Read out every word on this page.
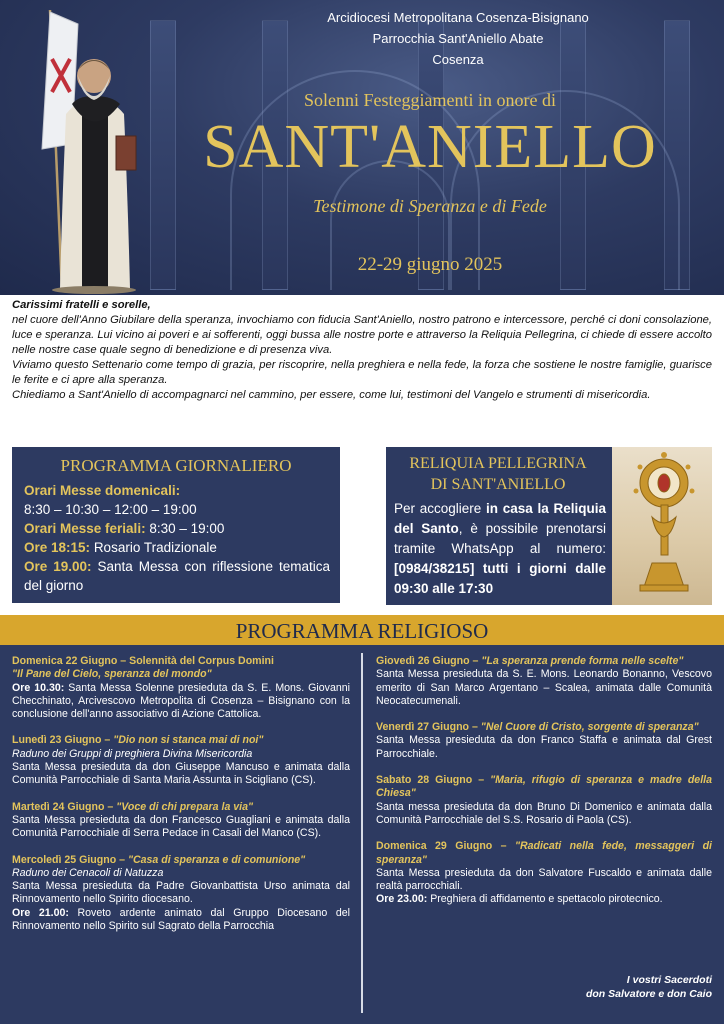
Arcidiocesi Metropolitana Cosenza-Bisignano
Parrocchia Sant'Aniello Abate
Cosenza
Solenni Festeggiamenti in onore di
SANT'ANIELLO
Testimone di Speranza e di Fede
22-29 giugno 2025

Carissimi fratelli e sorelle,

nel cuore dell'Anno Giubilare della speranza, invochiamo con fiducia Sant'Aniello, nostro patrono e intercessore, perché ci doni consolazione, luce e speranza. Lui vicino ai poveri e ai sofferenti, oggi bussa alle nostre porte e attraverso la Reliquia Pellegrina, ci chiede di essere accolto nelle nostre case quale segno di benedizione e di presenza viva.

Viviamo questo Settenario come tempo di grazia, per riscoprire, nella preghiera e nella fede, la forza che sostiene le nostre famiglie, guarisce le ferite e ci apre alla speranza.

Chiediamo a Sant'Aniello di accompagnarci nel cammino, per essere, come lui, testimoni del Vangelo e strumenti di misericordia.

PROGRAMMA GIORNALIERO
Orari Messe domenicali:
8:30 – 10:30 – 12:00 – 19:00
Orari Messe feriali: 8:30 – 19:00
Ore 18:15: Rosario Tradizionale
Ore 19.00: Santa Messa con riflessione tematica del giorno
RELIQUIA PELLEGRINA
DI SANT'ANIELLO
Per accogliere in casa la Reliquia del Santo, è possibile prenotarsi tramite WhatsApp al numero: [0984/38215] tutti i giorni dalle 09:30 alle 17:30
PROGRAMMA RELIGIOSO
Domenica 22 Giugno – Solennità del Corpus Domini
"Il Pane del Cielo, speranza del mondo"
Ore 10.30: Santa Messa Solenne presieduta da S. E. Mons. Giovanni Checchinato, Arcivescovo Metropolita di Cosenza – Bisignano con la conclusione dell'anno associativo di Azione Cattolica.
Lunedì 23 Giugno – "Dio non si stanca mai di noi"
Raduno dei Gruppi di preghiera Divina Misericordia
Santa Messa presieduta da don Giuseppe Mancuso e animata dalla Comunità Parrocchiale di Santa Maria Assunta in Scigliano (CS).
Martedì 24 Giugno – "Voce di chi prepara la via"
Santa Messa presieduta da don Francesco Guagliani e animata dalla Comunità Parrocchiale di Serra Pedace in Casali del Manco (CS).
Mercoledì 25 Giugno – "Casa di speranza e di comunione"
Raduno dei Cenacoli di Natuzza
Santa Messa presieduta da Padre Giovanbattista Urso animata dal Rinnovamento nello Spirito diocesano.
Ore 21.00: Roveto ardente animato dal Gruppo Diocesano del Rinnovamento nello Spirito sul Sagrato della Parrocchia
Giovedì 26 Giugno – "La speranza prende forma nelle scelte"
Santa Messa presieduta da S. E. Mons. Leonardo Bonanno, Vescovo emerito di San Marco Argentano – Scalea, animata dalle Comunità Neocatecumenali.
Venerdì 27 Giugno – "Nel Cuore di Cristo, sorgente di speranza"
Santa Messa presieduta da don Franco Staffa e animata dal Grest Parrocchiale.
Sabato 28 Giugno – "Maria, rifugio di speranza e madre della Chiesa"
Santa messa presieduta da don Bruno Di Domenico e animata dalla Comunità Parrocchiale del S.S. Rosario di Paola (CS).
Domenica 29 Giugno – "Radicati nella fede, messaggeri di speranza"
Santa Messa presieduta da don Salvatore Fuscaldo e animata dalle realtà parrocchiali.
Ore 23.00: Preghiera di affidamento e spettacolo pirotecnico.
I vostri Sacerdoti
don Salvatore e don Caio
